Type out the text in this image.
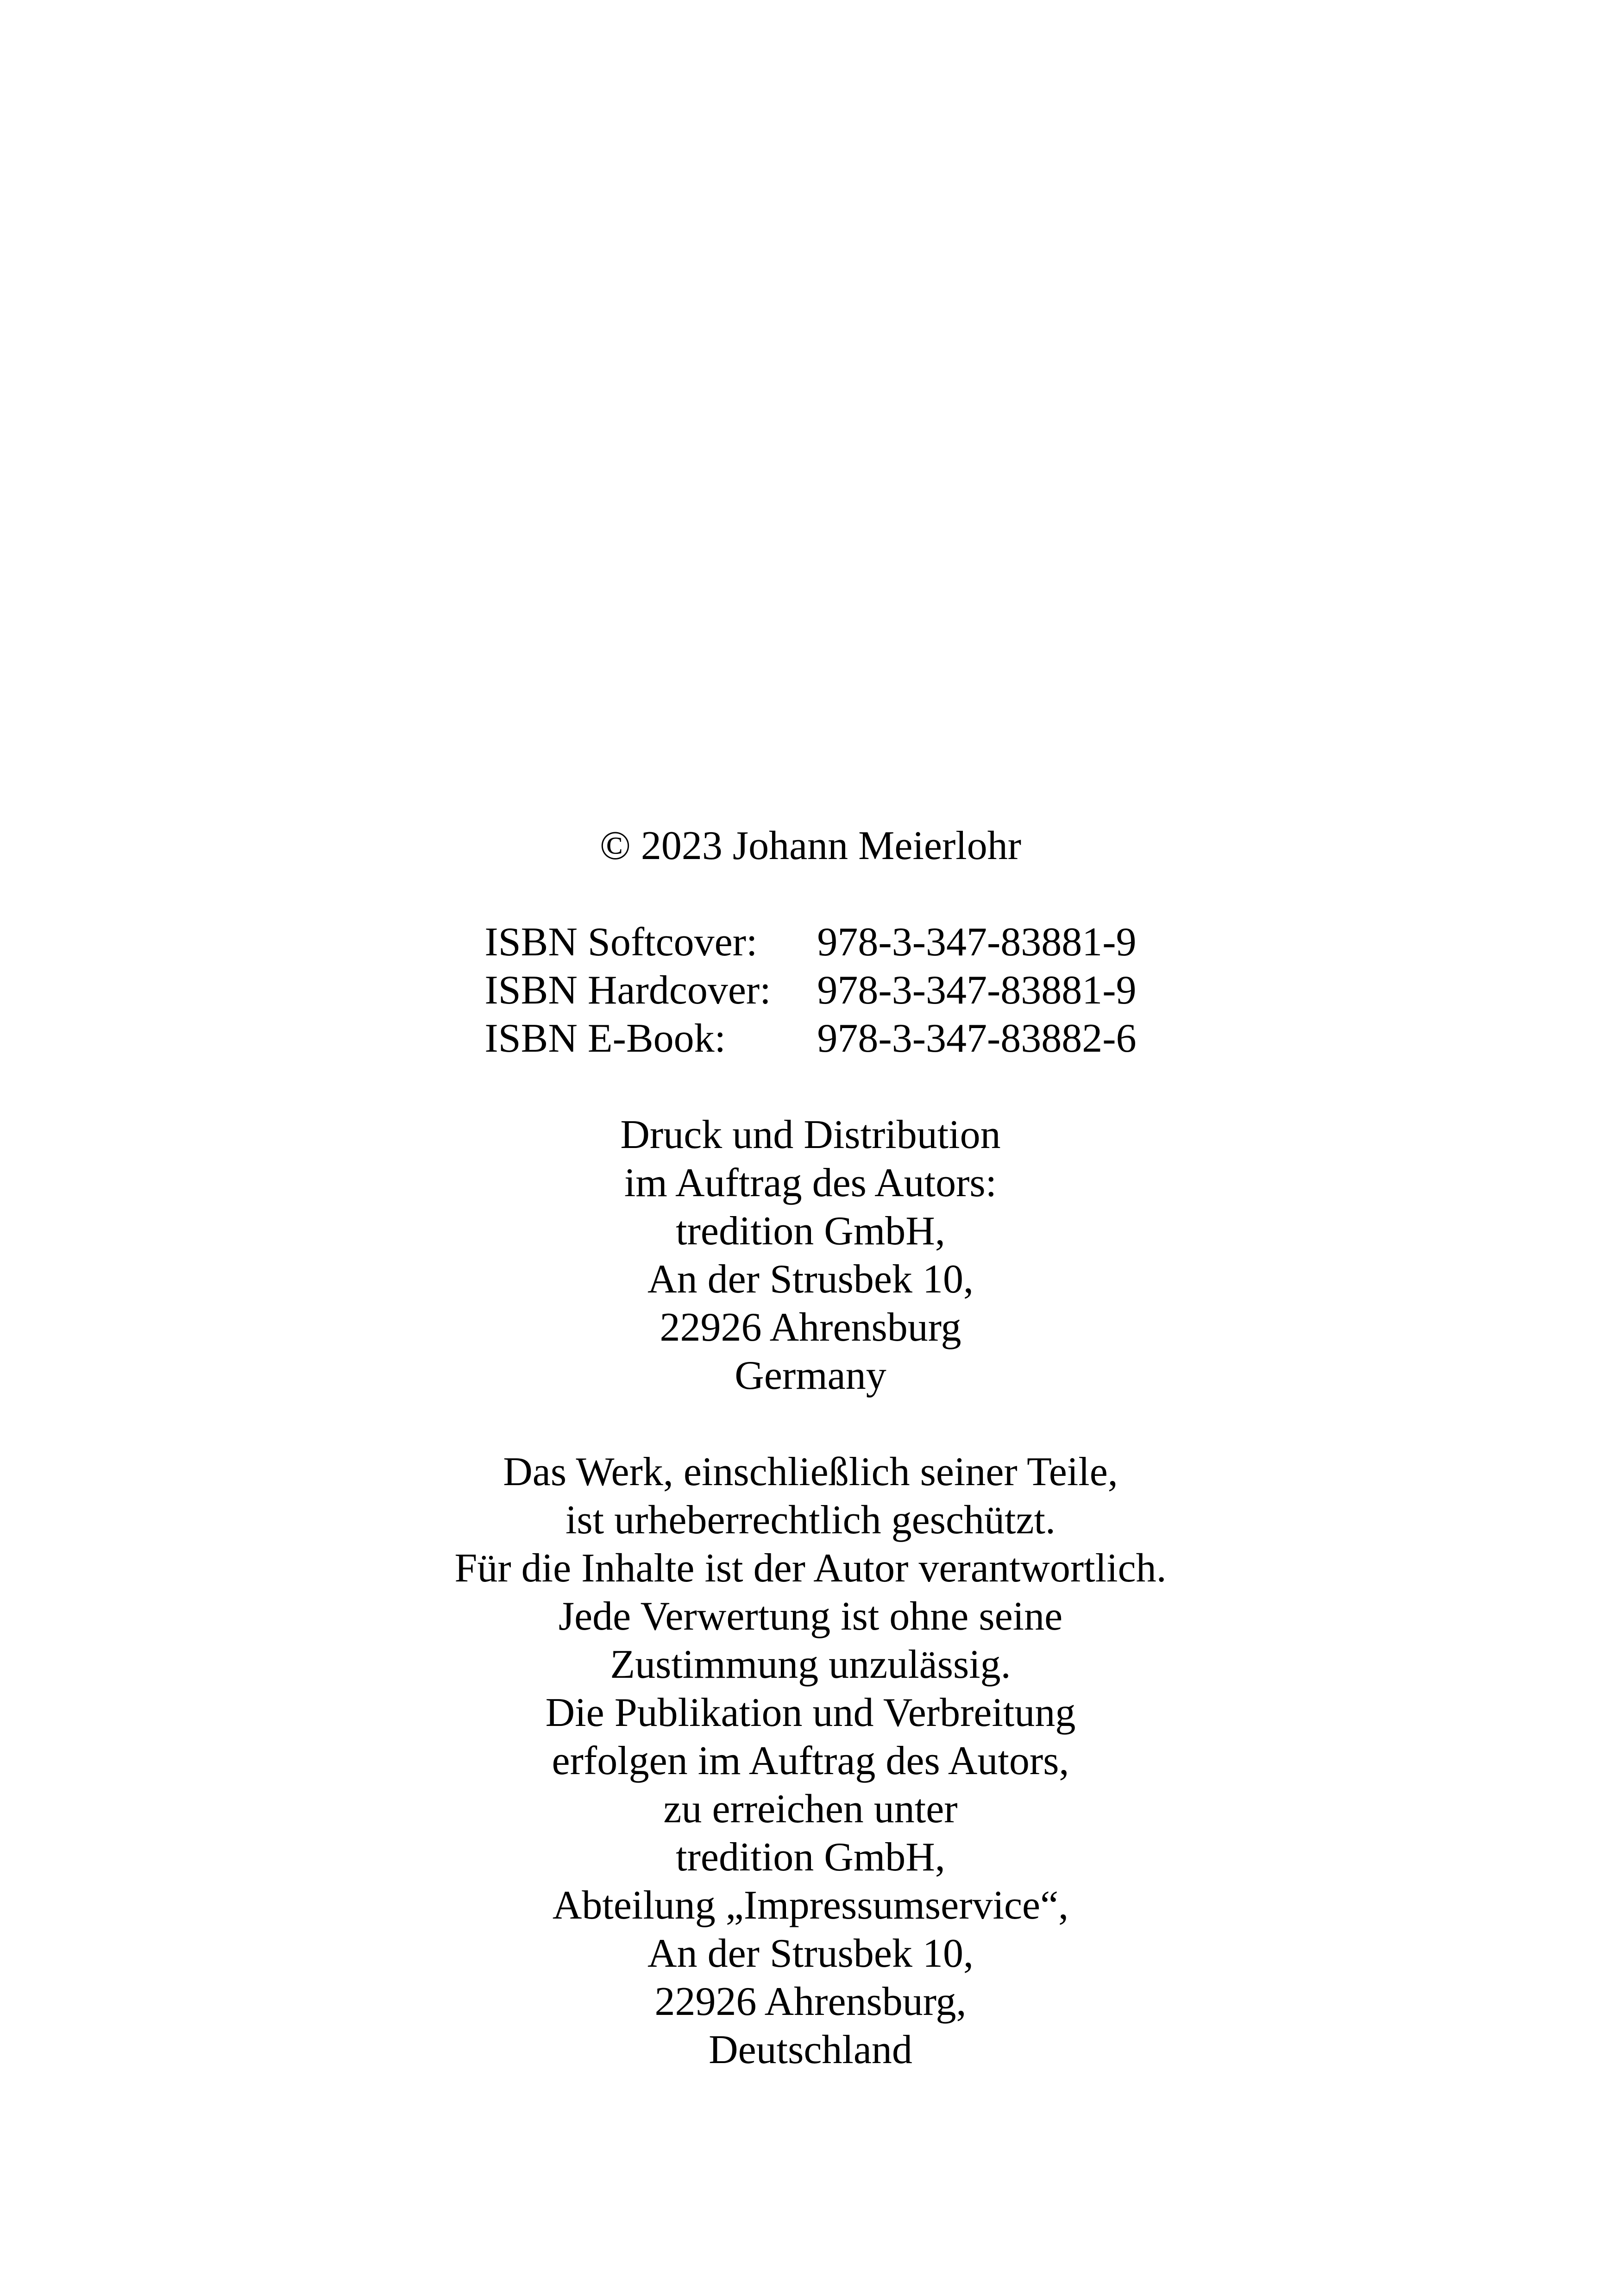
© 2023 Johann Meierlohr
ISBN Softcover:	978-3-347-83881-9
ISBN Hardcover:	978-3-347-83881-9
ISBN E-Book:	978-3-347-83882-6
Druck und Distribution
im Auftrag des Autors:
tredition GmbH,
An der Strusbek 10,
22926 Ahrensburg
Germany
Das Werk, einschließlich seiner Teile,
ist urheberrechtlich geschützt.
Für die Inhalte ist der Autor verantwortlich.
Jede Verwertung ist ohne seine
Zustimmung unzulässig.
Die Publikation und Verbreitung
erfolgen im Auftrag des Autors,
zu erreichen unter
tredition GmbH,
Abteilung „Impressumservice“,
An der Strusbek 10,
22926 Ahrensburg,
Deutschland
